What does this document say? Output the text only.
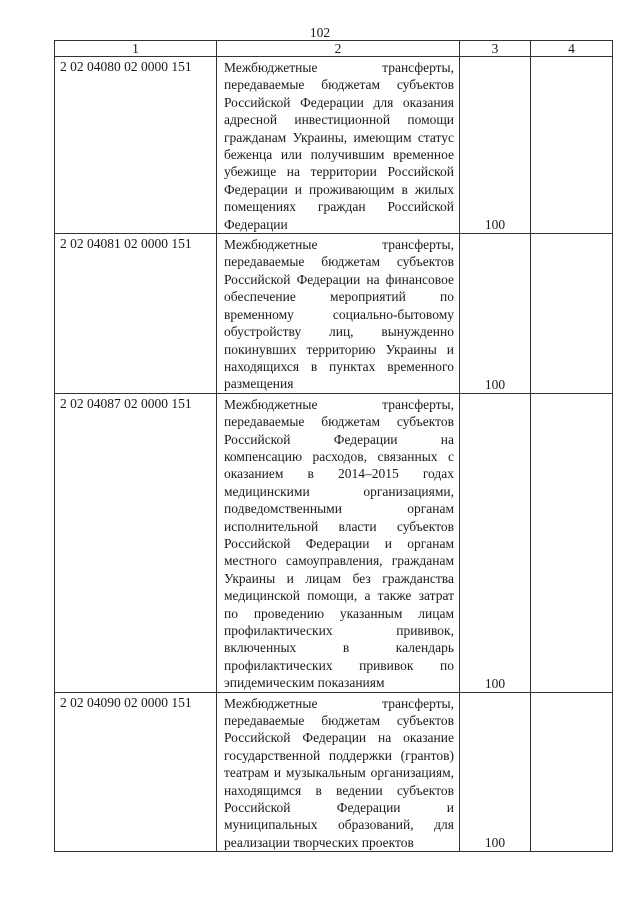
102
1	2	3	4
2 02 04080 02 0000 151	Межбюджетные трансферты, передаваемые бюджетам субъектов Российской Федерации для оказания адресной инвестиционной помощи гражданам Украины, имеющим статус беженца или получившим временное убежище на территории Российской Федерации и проживающим в жилых помещениях граждан Российской Федерации	100	
2 02 04081 02 0000 151	Межбюджетные трансферты, передаваемые бюджетам субъектов Российской Федерации на финансовое обеспечение мероприятий по временному социально-бытовому обустройству лиц, вынужденно покинувших территорию Украины и находящихся в пунктах временного размещения	100	
2 02 04087 02 0000 151	Межбюджетные трансферты, передаваемые бюджетам субъектов Российской Федерации на компенсацию расходов, связанных с оказанием в 2014–2015 годах медицинскими организациями, подведомственными органам исполнительной власти субъектов Российской Федерации и органам местного самоуправления, гражданам Украины и лицам без гражданства медицинской помощи, а также затрат по проведению указанным лицам профилактических прививок, включенных в календарь профилактических прививок по эпидемическим показаниям	100	
2 02 04090 02 0000 151	Межбюджетные трансферты, передаваемые бюджетам субъектов Российской Федерации на оказание государственной поддержки (грантов) театрам и музыкальным организациям, находящимся в ведении субъектов Российской Федерации и муниципальных образований, для реализации творческих проектов	100	
